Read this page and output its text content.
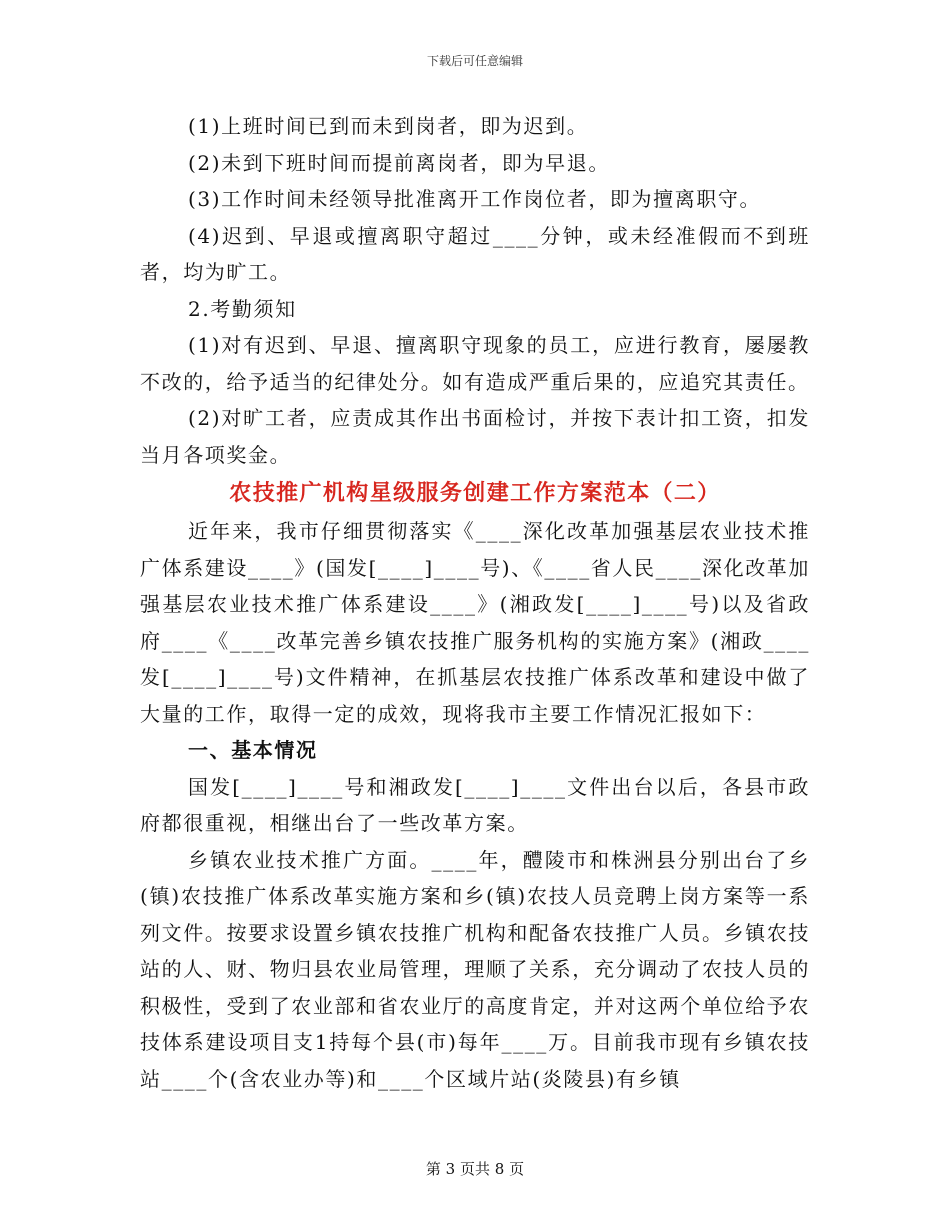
下载后可任意编辑

(1)上班时间已到而未到岗者，即为迟到。

(2)未到下班时间而提前离岗者，即为早退。

(3)工作时间未经领导批准离开工作岗位者，即为擅离职守。

(4)迟到、早退或擅离职守超过____分钟，或未经准假而不到班者，均为旷工。

2.考勤须知

(1)对有迟到、早退、擅离职守现象的员工，应进行教育，屡屡教不改的，给予适当的纪律处分。如有造成严重后果的，应追究其责任。

(2)对旷工者，应责成其作出书面检讨，并按下表计扣工资，扣发当月各项奖金。

农技推广机构星级服务创建工作方案范本（二）

近年来，我市仔细贯彻落实《____深化改革加强基层农业技术推广体系建设____》(国发[____]____号)、《____省人民____深化改革加强基层农业技术推广体系建设____》(湘政发[____]____号)以及省政府____《____改革完善乡镇农技推广服务机构的实施方案》(湘政____发[____]____号)文件精神，在抓基层农技推广体系改革和建设中做了大量的工作，取得一定的成效，现将我市主要工作情况汇报如下：

一、基本情况

国发[____]____号和湘政发[____]____文件出台以后，各县市政府都很重视，相继出台了一些改革方案。

乡镇农业技术推广方面。____年，醴陵市和株洲县分别出台了乡(镇)农技推广体系改革实施方案和乡(镇)农技人员竞聘上岗方案等一系列文件。按要求设置乡镇农技推广机构和配备农技推广人员。乡镇农技站的人、财、物归县农业局管理，理顺了关系，充分调动了农技人员的积极性，受到了农业部和省农业厅的高度肯定，并对这两个单位给予农技体系建设项目支1持每个县(市)每年____万。目前我市现有乡镇农技站____个(含农业办等)和____个区域片站(炎陵县)有乡镇

第 3 页共 8 页
